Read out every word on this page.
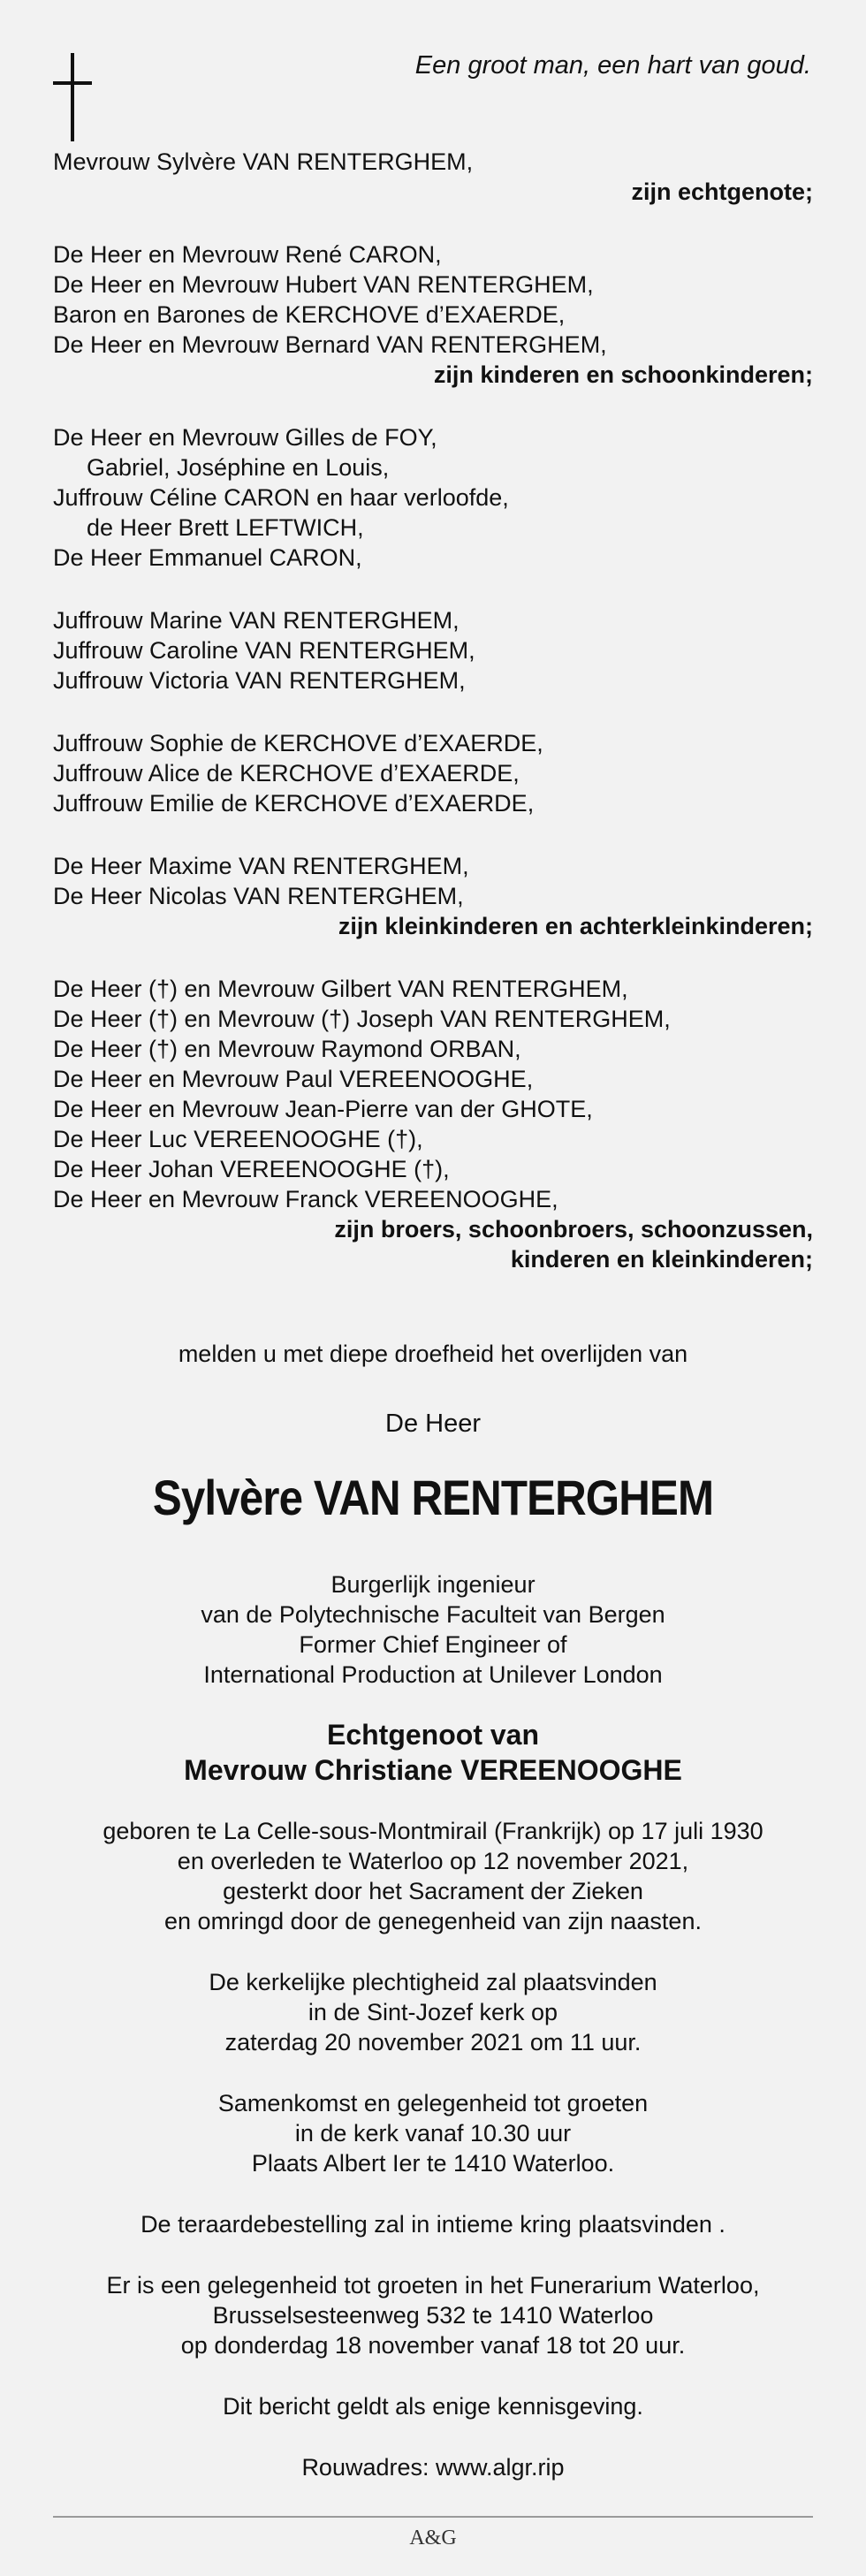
Een groot man, een hart van goud.
Mevrouw Sylvère VAN RENTERGHEM,
zijn echtgenote;
De Heer en Mevrouw René CARON,
De Heer en Mevrouw Hubert VAN RENTERGHEM,
Baron en Barones de KERCHOVE d’EXAERDE,
De Heer en Mevrouw Bernard VAN RENTERGHEM,
zijn kinderen en schoonkinderen;
De Heer en Mevrouw Gilles de FOY,
Gabriel, Joséphine en Louis,
Juffrouw Céline CARON en haar verloofde,
de Heer Brett LEFTWICH,
De Heer Emmanuel CARON,
Juffrouw Marine VAN RENTERGHEM,
Juffrouw Caroline VAN RENTERGHEM,
Juffrouw Victoria VAN RENTERGHEM,
Juffrouw Sophie de KERCHOVE d’EXAERDE,
Juffrouw Alice de KERCHOVE d’EXAERDE,
Juffrouw Emilie de KERCHOVE d’EXAERDE,
De Heer Maxime VAN RENTERGHEM,
De Heer Nicolas VAN RENTERGHEM,
zijn kleinkinderen en achterkleinkinderen;
De Heer (†) en Mevrouw Gilbert VAN RENTERGHEM,
De Heer (†) en Mevrouw (†) Joseph VAN RENTERGHEM,
De Heer (†) en Mevrouw Raymond ORBAN,
De Heer en Mevrouw Paul VEREENOOGHE,
De Heer en Mevrouw Jean-Pierre van der GHOTE,
De Heer Luc VEREENOOGHE (†),
De Heer Johan VEREENOOGHE (†),
De Heer en Mevrouw Franck VEREENOOGHE,
zijn broers, schoonbroers, schoonzussen,
kinderen en kleinkinderen;
melden u met diepe droefheid het overlijden van
De Heer
Sylvère VAN RENTERGHEM
Burgerlijk ingenieur
van de Polytechnische Faculteit van Bergen
Former Chief Engineer of
International Production at Unilever London
Echtgenoot van
Mevrouw Christiane VEREENOOGHE
geboren te La Celle-sous-Montmirail (Frankrijk) op 17 juli 1930
en overleden te Waterloo op 12 november 2021,
gesterkt door het Sacrament der Zieken
en omringd door de genegenheid van zijn naasten.
De kerkelijke plechtigheid zal plaatsvinden
in de Sint-Jozef kerk op
zaterdag 20 november 2021 om 11 uur.
Samenkomst en gelegenheid tot groeten
in de kerk vanaf 10.30 uur
Plaats Albert Ier te 1410 Waterloo.
De teraardebestelling zal in intieme kring plaatsvinden .
Er is een gelegenheid tot groeten in het Funerarium Waterloo,
Brusselsesteenweg 532 te 1410 Waterloo
op donderdag 18 november vanaf 18 tot 20 uur.
Dit bericht geldt als enige kennisgeving.
Rouwadres: www.algr.rip
A&G
